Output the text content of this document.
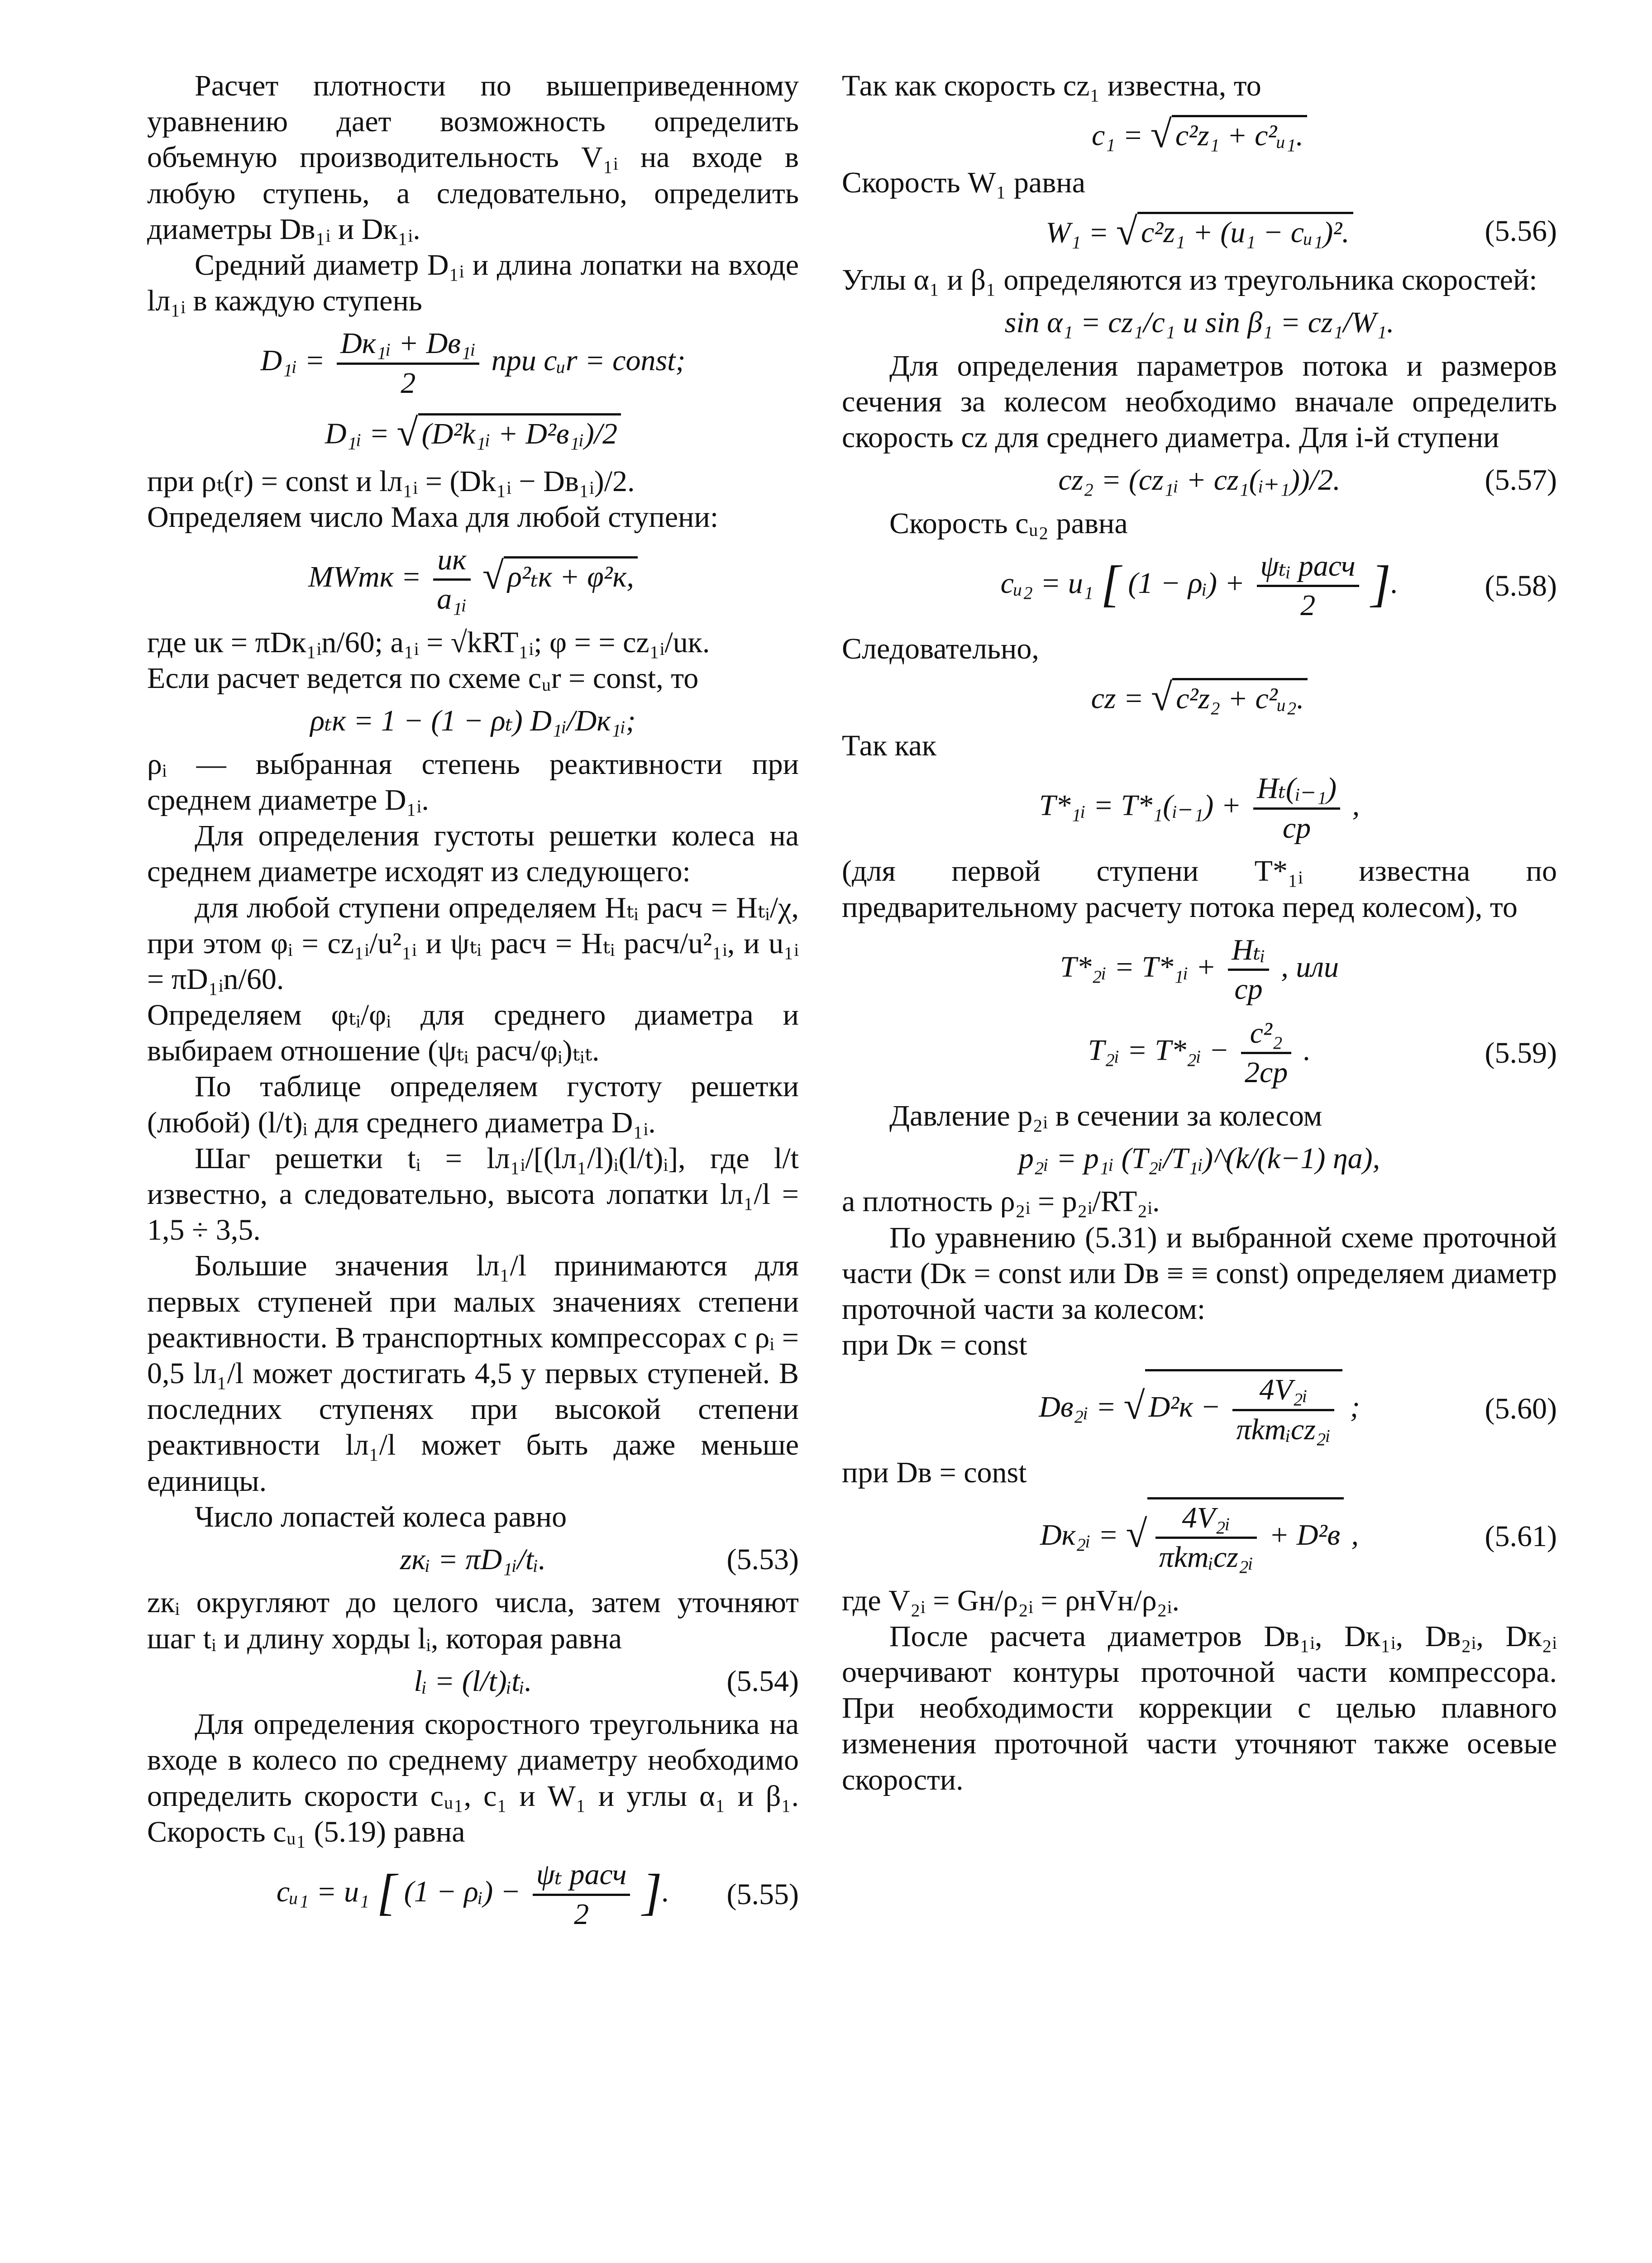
Расчет плотности по вышеприведенному уравнению дает возможность определить объемную производительность V₁ᵢ на входе в любую ступень, а следовательно, определить диаметры Dв₁ᵢ и Dк₁ᵢ.

Средний диаметр D₁ᵢ и длина лопатки на входе lл₁ᵢ в каждую ступень

D₁ᵢ = $\frac{\text{Dк₁ᵢ + Dв₁ᵢ}}{2}$ при cᵤr = const;
D₁ᵢ = √ (D²k₁ᵢ + D²в₁ᵢ)/2

при ρₜ(r) = const и lл₁ᵢ = (Dk₁ᵢ − Dв₁ᵢ)/2.

Определяем число Маха для любой ступени:

MWmк = $\frac{uк}{\text{a₁ᵢ}}$ √ ρ²ₜк + φ²к,

где uк = πDк₁ᵢn/60; a₁ᵢ = √kRT₁ᵢ; φ = = cz₁ᵢ/uк.

Если расчет ведется по схеме cᵤr = const, то

ρₜк = 1 − (1 − ρₜ) D₁ᵢ/Dк₁ᵢ;

ρᵢ — выбранная степень реактивности при среднем диаметре D₁ᵢ.

Для определения густоты решетки колеса на среднем диаметре исходят из следующего:

для любой ступени определяем Hₜᵢ расч = Hₜᵢ/χ, при этом φᵢ = cz₁ᵢ/u²₁ᵢ и ψₜᵢ расч = Hₜᵢ расч/u²₁ᵢ, и u₁ᵢ = πD₁ᵢn/60.

Определяем φₜᵢ/φᵢ для среднего диаметра и выбираем отношение (ψₜᵢ расч/φᵢ)ₜᵢₜ.

По таблице определяем густоту решетки (любой) (l/t)ᵢ для среднего диаметра D₁ᵢ.

Шаг решетки tᵢ = lл₁ᵢ/[(lл₁/l)ᵢ(l/t)ᵢ], где l/t известно, а следовательно, высота лопатки lл₁/l = 1,5 ÷ 3,5.

Большие значения lл₁/l принимаются для первых ступеней при малых значениях степени реактивности. В транспортных компрессорах с ρᵢ = 0,5 lл₁/l может достигать 4,5 у первых ступеней. В последних ступенях при высокой степени реактивности lл₁/l может быть даже меньше единицы.

Число лопастей колеса равно

zкᵢ = πD₁ᵢ/tᵢ.	(5.53)

zкᵢ округляют до целого числа, затем уточняют шаг tᵢ и длину хорды lᵢ, которая равна

lᵢ = (l/t)ᵢtᵢ.	(5.54)

Для определения скоростного треугольника на входе в колесо по среднему диаметру необходимо определить скорости cᵤ₁, c₁ и W₁ и углы α₁ и β₁. Скорость cᵤ₁ (5.19) равна

cᵤ₁ = u₁ [ (1 − ρᵢ) − $\frac{\text{ψₜ расч}}{2}$ ]. (5.55)

Так как скорость cz₁ известна, то

c₁ = √ c²z₁ + c²ᵤ₁.

Скорость W₁ равна

W₁ = √ c²z₁ + (u₁ − cᵤ₁)².	(5.56)

Углы α₁ и β₁ определяются из треугольника скоростей:

sin α₁ = cz₁/c₁ и sin β₁ = cz₁/W₁.

Для определения параметров потока и размеров сечения за колесом необходимо вначале определить скорость cz для среднего диаметра. Для i-й ступени

cz₂ = (cz₁ᵢ + cz₁(ᵢ₊₁))/2.	(5.57)

Скорость cᵤ₂ равна

cᵤ₂ = u₁ [ (1 − ρᵢ) + $\frac{\text{ψₜᵢ расч}}{2}$ ].	(5.58)

Следовательно,

cz = √ c²z₂ + c²ᵤ₂.

Так как

T*₁ᵢ = T*₁(ᵢ₋₁) + $\frac{\text{Hₜ(ᵢ₋₁)}}{cp}$ ,

(для первой ступени T*₁ᵢ известна по предварительному расчету потока перед колесом), то

T*₂ᵢ = T*₁ᵢ + $\frac{\text{Hₜᵢ}}{cp}$ , или
T₂ᵢ = T*₂ᵢ − $\frac{\text{c²₂}}{2cp}$ .	(5.59)

Давление p₂ᵢ в сечении за колесом

p₂ᵢ = p₁ᵢ (T₂ᵢ/T₁ᵢ)^(k/(k−1) ηa),

а плотность ρ₂ᵢ = p₂ᵢ/RT₂ᵢ.

По уравнению (5.31) и выбранной схеме проточной части (Dк = const или Dв ≡ ≡ const) определяем диаметр проточной части за колесом:

при Dк = const

Dв₂ᵢ = √ $D^2к - \frac{\text{4V₂ᵢ}}{\text{πkmᵢcz₂ᵢ}}$ ;	(5.60)

при Dв = const

Dк₂ᵢ = √ $\frac{\text{4V₂ᵢ}}{\text{πkmᵢcz₂ᵢ}} + D^2в$ ,	(5.61)

где V₂ᵢ = Gн/ρ₂ᵢ = ρнVн/ρ₂ᵢ.

После расчета диаметров Dв₁ᵢ, Dк₁ᵢ, Dв₂ᵢ, Dк₂ᵢ очерчивают контуры проточной части компрессора. При необходимости коррекции с целью плавного изменения проточной части уточняют также осевые скорости.
